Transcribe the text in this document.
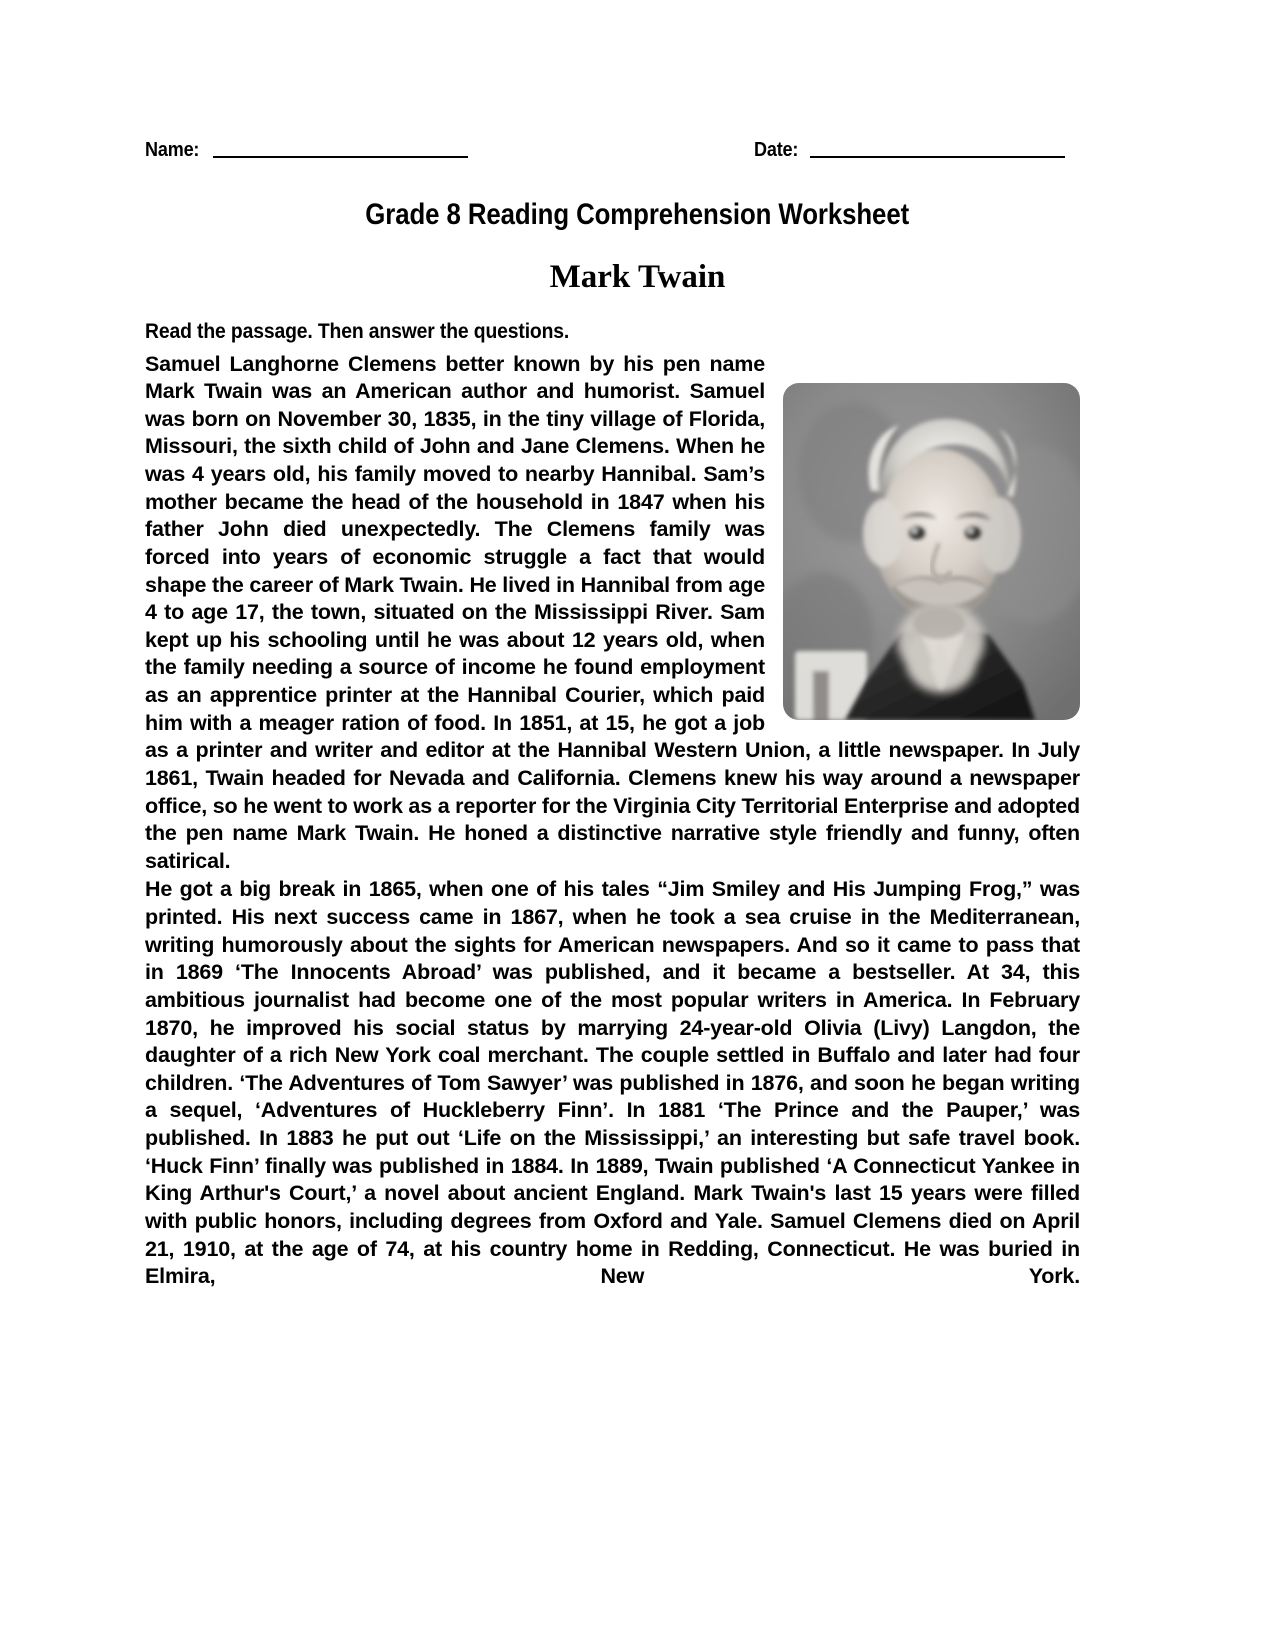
Name:	Date:
Grade 8 Reading Comprehension Worksheet
Mark Twain
Read the passage. Then answer the questions.

Samuel Langhorne Clemens better known by his pen name Mark Twain was an American author and humorist. Samuel was born on November 30, 1835, in the tiny village of Florida, Missouri, the sixth child of John and Jane Clemens. When he was 4 years old, his family moved to nearby Hannibal. Sam’s mother became the head of the household in 1847 when his father John died unexpectedly. The Clemens family was forced into years of economic struggle a fact that would shape the career of Mark Twain. He lived in Hannibal from age 4 to age 17, the town, situated on the Mississippi River. Sam kept up his schooling until he was about 12 years old, when the family needing a source of income he found employment as an apprentice printer at the Hannibal Courier, which paid him with a meager ration of food. In 1851, at 15, he got a job as a printer and writer and editor at the Hannibal Western Union, a little newspaper. In July 1861, Twain headed for Nevada and California. Clemens knew his way around a newspaper office, so he went to work as a reporter for the Virginia City Territorial Enterprise and adopted the pen name Mark Twain. He honed a distinctive narrative style friendly and funny, often satirical.

He got a big break in 1865, when one of his tales “Jim Smiley and His Jumping Frog,” was printed. His next success came in 1867, when he took a sea cruise in the Mediterranean, writing humorously about the sights for American newspapers. And so it came to pass that in 1869 ‘The Innocents Abroad’ was published, and it became a bestseller. At 34, this ambitious journalist had become one of the most popular writers in America. In February 1870, he improved his social status by marrying 24-year-old Olivia (Livy) Langdon, the daughter of a rich New York coal merchant. The couple settled in Buffalo and later had four children. ‘The Adventures of Tom Sawyer’ was published in 1876, and soon he began writing a sequel, ‘Adventures of Huckleberry Finn’. In 1881 ‘The Prince and the Pauper,’ was published. In 1883 he put out ‘Life on the Mississippi,’ an interesting but safe travel book. ‘Huck Finn’ finally was published in 1884. In 1889, Twain published ‘A Connecticut Yankee in King Arthur's Court,’ a novel about ancient England. Mark Twain's last 15 years were filled with public honors, including degrees from Oxford and Yale. Samuel Clemens died on April 21, 1910, at the age of 74, at his country home in Redding, Connecticut. He was buried in Elmira, New York.
